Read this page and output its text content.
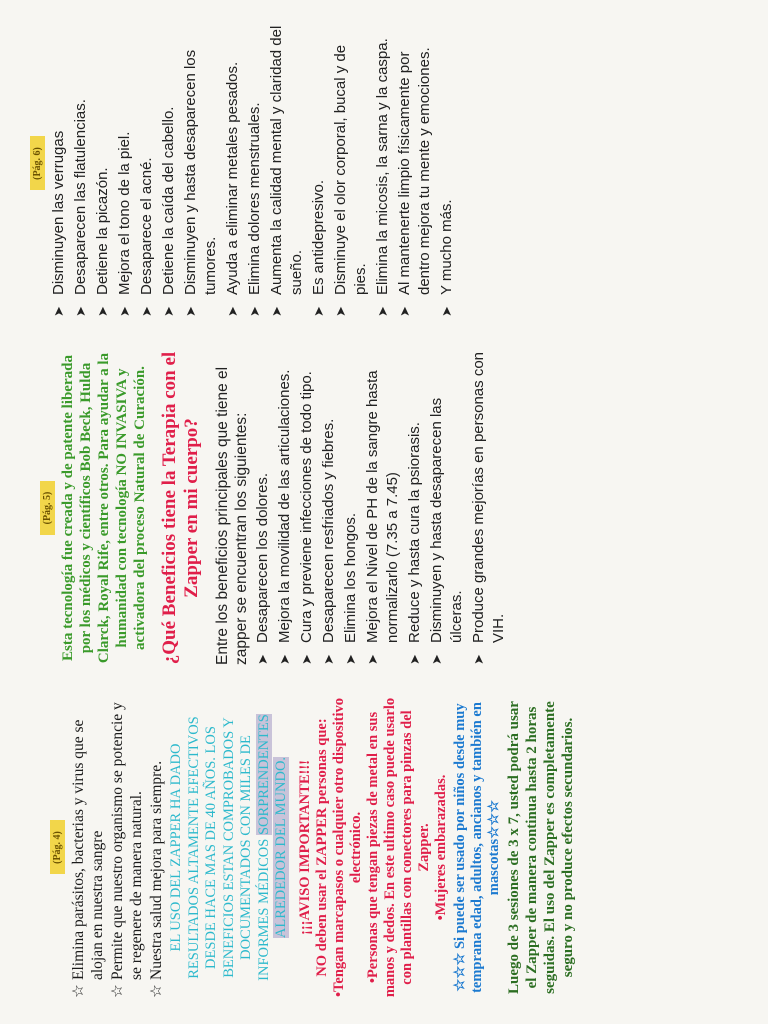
(Pág. 4)
☆
Elimina parásitos, bacterias y virus que se alojan en nuestra sangre
☆
Permite que nuestro organismo se potencie y se regenere de manera natural.
☆
Nuestra salud mejora para siempre. EL USO DEL ZAPPER HA DADO RESULTADOS ALTAMENTE EFECTIVOS DESDE HACE MAS DE 40 AÑOS. LOS BENEFICIOS ESTAN COMPROBADOS Y DOCUMENTADOS CON MILES DE INFORMES MÉDICOS SORPRENDENTES ALREDEDOR DEL MUNDO. ¡¡¡AVISO IMPORTANTE!!! NO deben usar el ZAPPER personas que: •Tengan marcapasos o cualquier otro dispositivo electrónico. •Personas que tengan piezas de metal en sus manos y dedos. En este ultimo caso puede usarlo con plantillas con conectores para pinzas del Zapper. •Mujeres embarazadas. ☆☆☆ Si puede ser usado por niños desde muy temprana edad, adultos, ancianos y también en mascotas☆☆☆ Luego de 3 sesiones de 3 x 7, usted podrá usar el Zapper de manera continua hasta 2 horas seguidas. El uso del Zapper es completamente seguro y no produce efectos secundarios.

(Pág. 5) Esta tecnología fue creada y de patente liberada por los médicos y científicos Bob Beck, Hulda Clarck, Royal Rife, entre otros. Para ayudar a la humanidad con tecnología NO INVASIVA y activadora del proceso Natural de Curación. ¿Qué Beneficios tiene la Terapia con el Zapper en mi cuerpo? Entre los beneficios principales que tiene el zapper se encuentran los siguientes: ➤
Desaparecen los dolores.
➤
Mejora la movilidad de las articulaciones.
➤
Cura y previene infecciones de todo tipo.
➤
Desaparecen resfriados y fiebres.
➤
Elimina los hongos.
➤
Mejora el Nivel de PH de la sangre hasta normalizarlo (7.35 a 7.45)
➤
Reduce y hasta cura la psiorasis.
➤
Disminuyen y hasta desaparecen las úlceras.
➤
Produce grandes mejorías en personas con VIH.
(Pág. 6)
➤
Disminuyen las verrugas
➤
Desaparecen las flatulencias.
➤
Detiene la picazón.
➤
Mejora el tono de la piel.
➤
Desaparece el acné.
➤
Detiene la caída del cabello.
➤
Disminuyen y hasta desaparecen los tumores.
➤
Ayuda a eliminar metales pesados.
➤
Elimina dolores menstruales.
➤
Aumenta la calidad mental y claridad del sueño.
➤
Es antidepresivo.
➤
Disminuye el olor corporal, bucal y de pies.
➤
Elimina la micosis, la sarna y la caspa.
➤
Al mantenerte limpio físicamente por dentro mejora tu mente y emociones.
➤
Y mucho más.
